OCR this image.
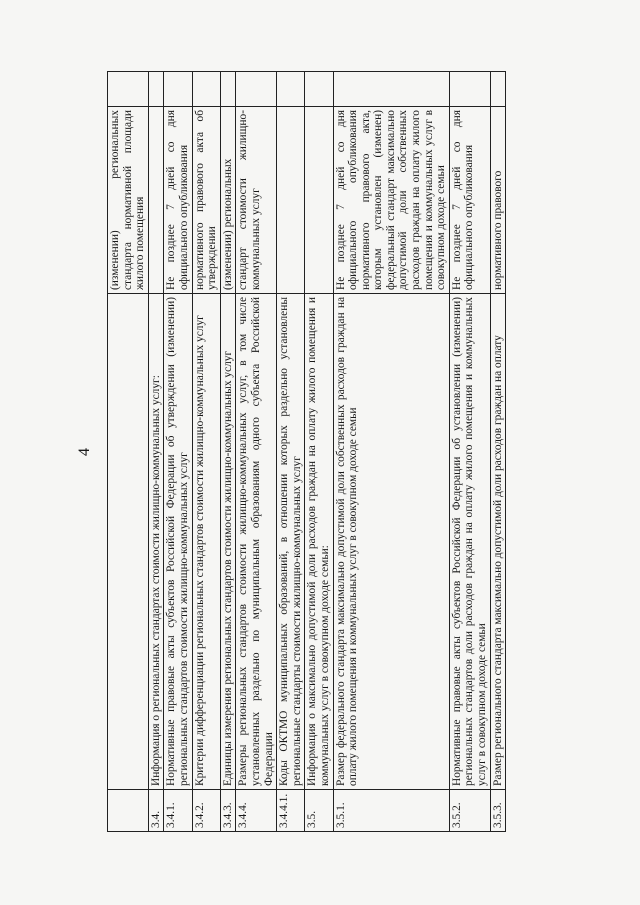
4
		(изменении) региональных стандарта нормативной площади жилого помещения	
3.4.	Информация о региональных стандартах стоимости жилищно-коммунальных услуг:		
3.4.1.	Нормативные правовые акты субъектов Российской Федерации об утверждении (изменении) региональных стандартов стоимости жилищно-коммунальных услуг	Не позднее 7 дней со дня официального опубликования	
3.4.2.	Критерии дифференциации региональных стандартов стоимости жилищно-коммунальных услуг	нормативного правового акта об утверждении	
3.4.3.	Единицы измерения региональных стандартов стоимости жилищно-коммунальных услуг	(изменении) региональных	
3.4.4.	Размеры региональных стандартов стоимости жилищно-коммунальных услуг, в том числе установленных раздельно по муниципальным образованиям одного субъекта Российской Федерации	стандарт стоимости жилищно-коммунальных услуг	
3.4.4.1.	Коды ОКТМО муниципальных образований, в отношении которых раздельно установлены региональные стандарты стоимости жилищно-коммунальных услуг		
3.5.	Информация о максимально допустимой доли расходов граждан на оплату жилого помещения и коммунальных услуг в совокупном доходе семьи:		
3.5.1.	Размер федерального стандарта максимально допустимой доли собственных расходов граждан на оплату жилого помещения и коммунальных услуг в совокупном доходе семьи	Не позднее 7 дней со дня официального опубликования нормативного правового акта, которым установлен (изменен) федеральный стандарт максимально допустимой доли собственных расходов граждан на оплату жилого помещения и коммунальных услуг в совокупном доходе семьи	
3.5.2.	Нормативные правовые акты субъектов Российской Федерации об установлении (изменении) региональных стандартов доли расходов граждан на оплату жилого помещения и коммунальных услуг в совокупном доходе семьи	Не позднее 7 дней со дня официального опубликования	
3.5.3.	Размер регионального стандарта максимально допустимой доли расходов граждан на оплату	нормативного правового	
